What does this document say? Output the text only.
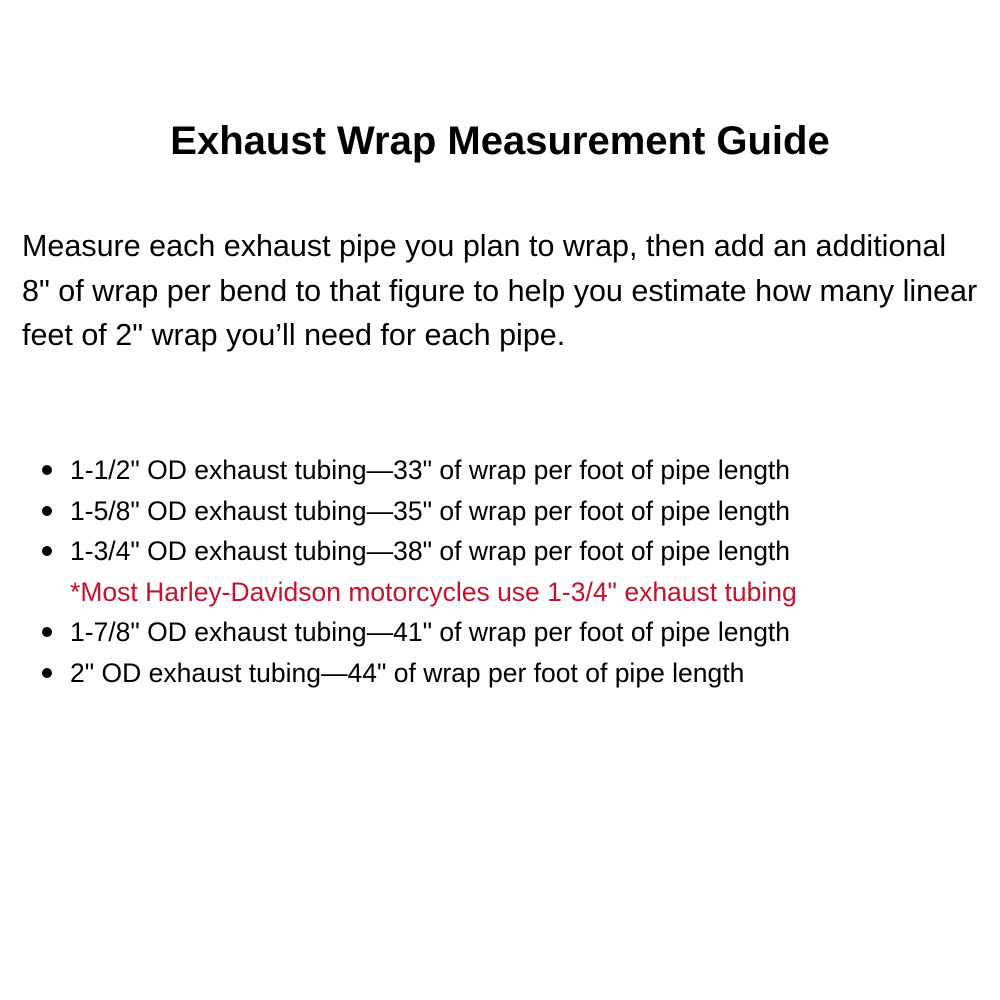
Exhaust Wrap Measurement Guide

Measure each exhaust pipe you plan to wrap, then add an additional 8" of wrap per bend to that figure to help you estimate how many linear feet of 2" wrap you’ll need for each pipe.

1-1/2" OD exhaust tubing—33" of wrap per foot of pipe length
1-5/8" OD exhaust tubing—35" of wrap per foot of pipe length
1-3/4" OD exhaust tubing—38" of wrap per foot of pipe length
*Most Harley-Davidson motorcycles use 1-3/4" exhaust tubing
1-7/8" OD exhaust tubing—41" of wrap per foot of pipe length
2" OD exhaust tubing—44" of wrap per foot of pipe length
